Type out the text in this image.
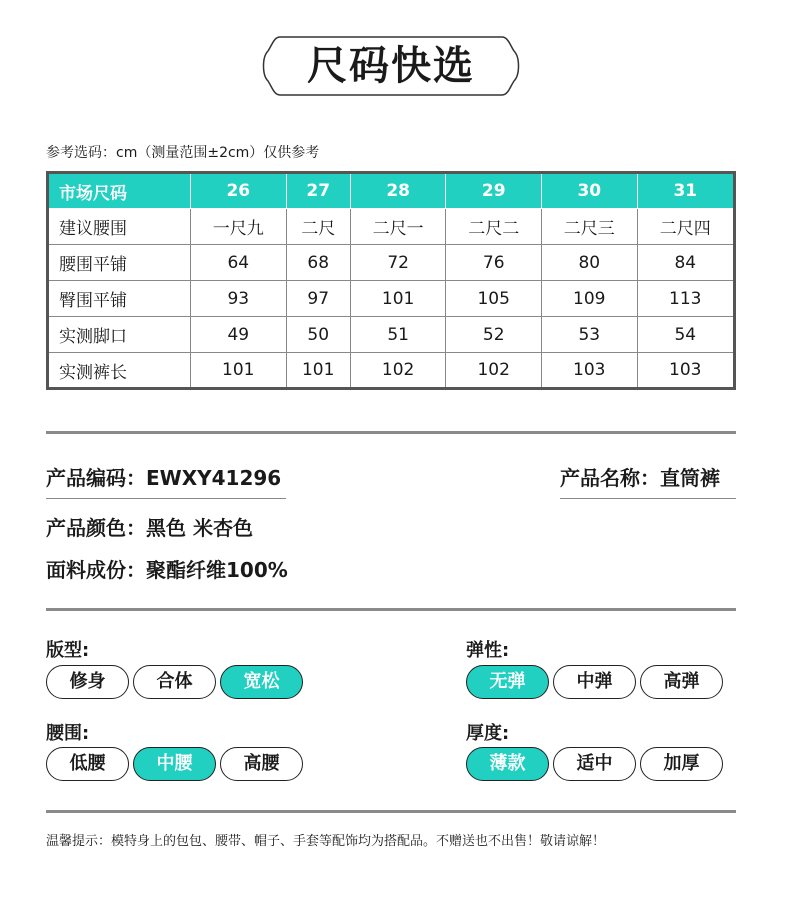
尺码快选
参考选码：cm（测量范围±2cm）仅供参考
市场尺码	26	27	28	29	30	31
建议腰围	一尺九	二尺	二尺一	二尺二	二尺三	二尺四
腰围平铺	64	68	72	76	80	84
臀围平铺	93	97	101	105	109	113
实测脚口	49	50	51	52	53	54
实测裤长	101	101	102	102	103	103
产品编码：EWXY41296	产品名称：直筒裤
产品颜色：黑色 米杏色
面料成份：聚酯纤维100%
版型:
修身	合体	宽松
弹性:
无弹	中弹	高弹
腰围:
低腰	中腰	高腰
厚度:
薄款	适中	加厚
温馨提示：模特身上的包包、腰带、帽子、手套等配饰均为搭配品。不赠送也不出售！敬请谅解！
